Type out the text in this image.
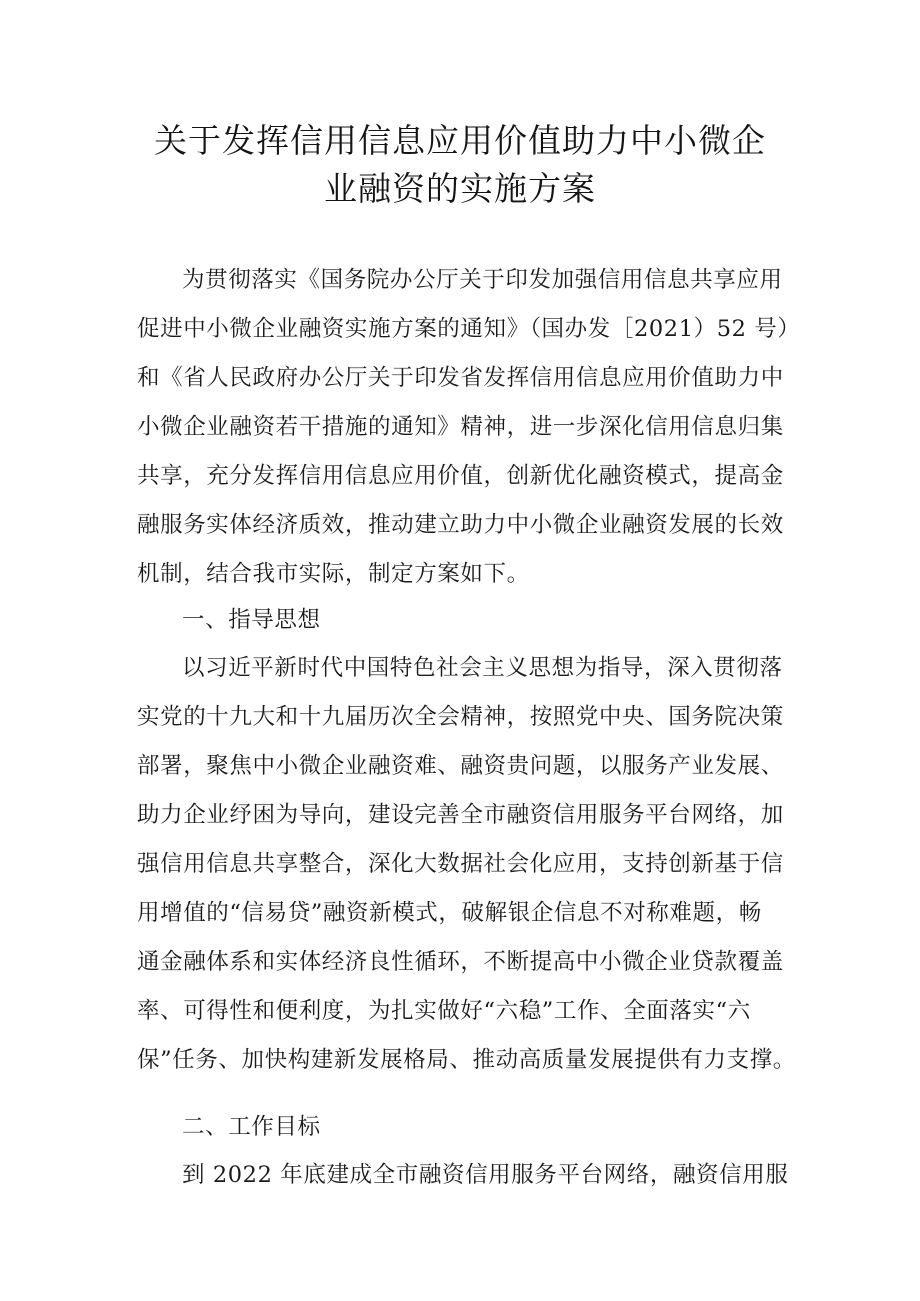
关于发挥信用信息应用价值助力中小微企
业融资的实施方案
为贯彻落实《国务院办公厅关于印发加强信用信息共享应用
促进中小微企业融资实施方案的通知》（国办发［2021）52 号）
和《省人民政府办公厅关于印发省发挥信用信息应用价值助力中
小微企业融资若干措施的通知》精神，进一步深化信用信息归集
共享，充分发挥信用信息应用价值，创新优化融资模式，提高金
融服务实体经济质效，推动建立助力中小微企业融资发展的长效
机制，结合我市实际，制定方案如下。
一、指导思想
以习近平新时代中国特色社会主义思想为指导，深入贯彻落
实党的十九大和十九届历次全会精神，按照党中央、国务院决策
部署，聚焦中小微企业融资难、融资贵问题，以服务产业发展、
助力企业纾困为导向，建设完善全市融资信用服务平台网络，加
强信用信息共享整合，深化大数据社会化应用，支持创新基于信
用增值的“信易贷”融资新模式，破解银企信息不对称难题，畅
通金融体系和实体经济良性循环，不断提高中小微企业贷款覆盖
率、可得性和便利度，为扎实做好“六稳”工作、全面落实“六
保”任务、加快构建新发展格局、推动高质量发展提供有力支撑。
二、工作目标
到 2022 年底建成全市融资信用服务平台网络，融资信用服
